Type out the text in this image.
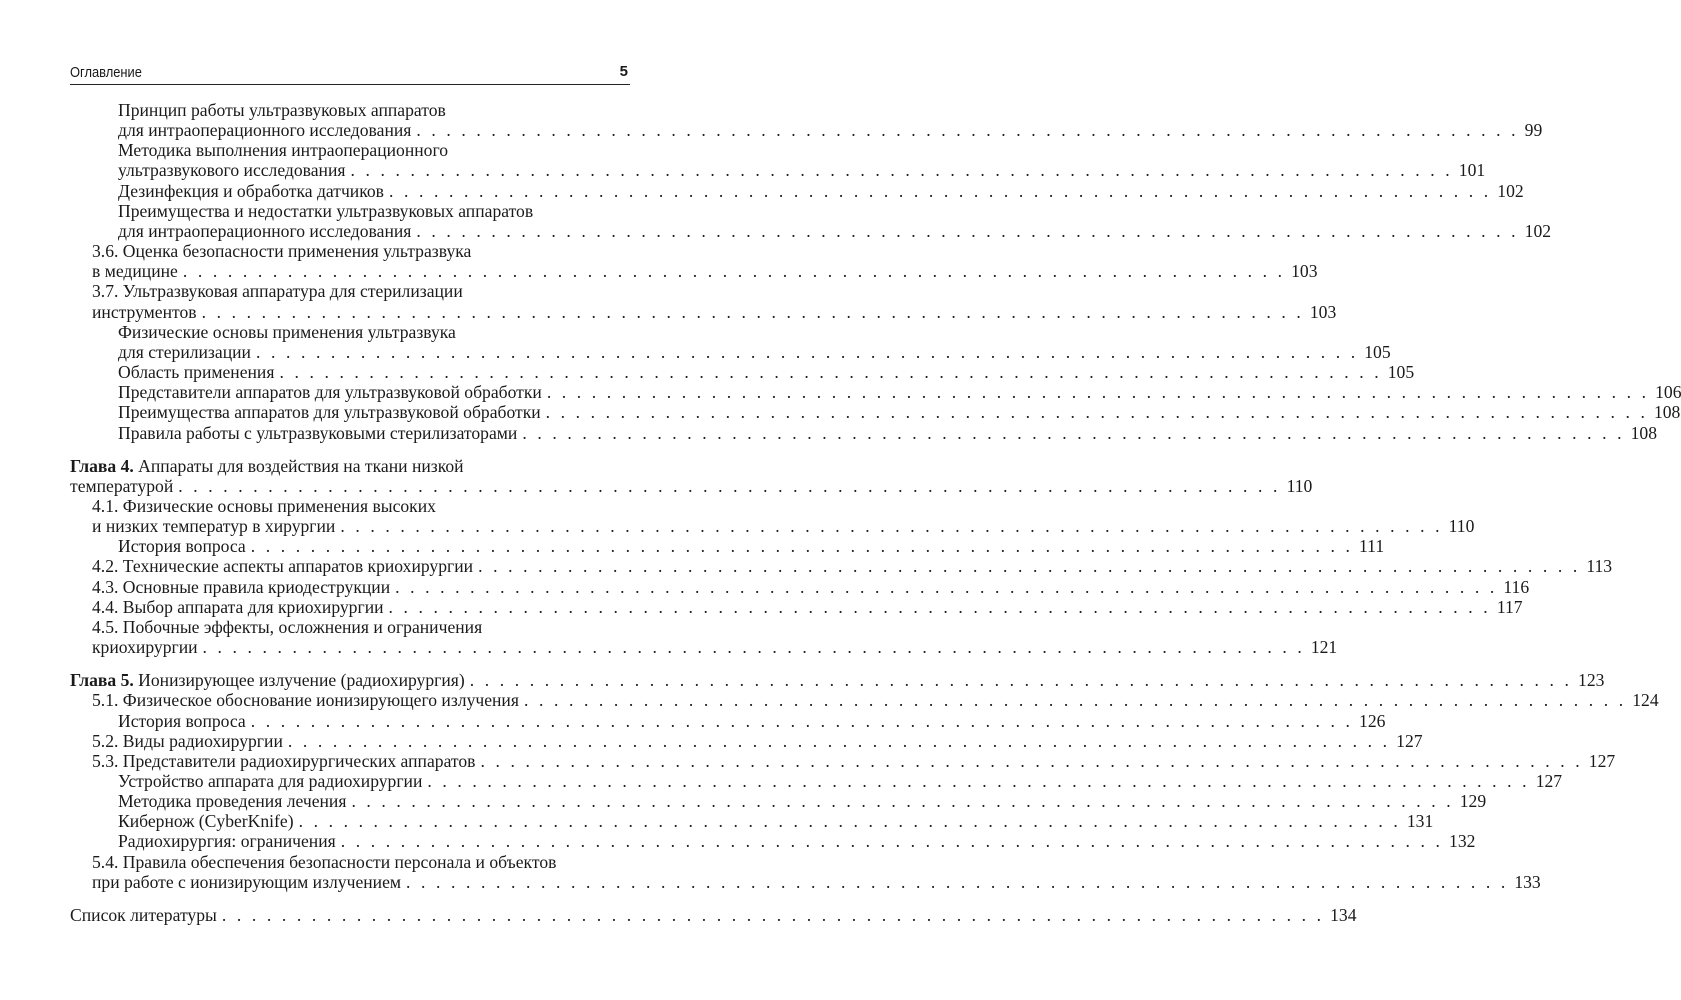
Оглавление	5
Принцип работы ультразвуковых аппаратов
для интраоперационного исследования . . . . . . . . . . . . . . . . . . . . . . . . . . . . . . . . . . . . . . . . . . . . . . . . . . . . . . . . . . . . . . . . . . . . . . . . . . 99
Методика выполнения интраоперационного
ультразвукового исследования . . . . . . . . . . . . . . . . . . . . . . . . . . . . . . . . . . . . . . . . . . . . . . . . . . . . . . . . . . . . . . . . . . . . . . . . . . 101
Дезинфекция и обработка датчиков . . . . . . . . . . . . . . . . . . . . . . . . . . . . . . . . . . . . . . . . . . . . . . . . . . . . . . . . . . . . . . . . . . . . . . . . . . 102
Преимущества и недостатки ультразвуковых аппаратов
для интраоперационного исследования . . . . . . . . . . . . . . . . . . . . . . . . . . . . . . . . . . . . . . . . . . . . . . . . . . . . . . . . . . . . . . . . . . . . . . . . . . 102
3.6. Оценка безопасности применения ультразвука
в медицине . . . . . . . . . . . . . . . . . . . . . . . . . . . . . . . . . . . . . . . . . . . . . . . . . . . . . . . . . . . . . . . . . . . . . . . . . . 103
3.7. Ультразвуковая аппаратура для стерилизации
инструментов . . . . . . . . . . . . . . . . . . . . . . . . . . . . . . . . . . . . . . . . . . . . . . . . . . . . . . . . . . . . . . . . . . . . . . . . . . 103
Физические основы применения ультразвука
для стерилизации . . . . . . . . . . . . . . . . . . . . . . . . . . . . . . . . . . . . . . . . . . . . . . . . . . . . . . . . . . . . . . . . . . . . . . . . . . 105
Область применения . . . . . . . . . . . . . . . . . . . . . . . . . . . . . . . . . . . . . . . . . . . . . . . . . . . . . . . . . . . . . . . . . . . . . . . . . . 105
Представители аппаратов для ультразвуковой обработки . . . . . . . . . . . . . . . . . . . . . . . . . . . . . . . . . . . . . . . . . . . . . . . . . . . . . . . . . . . . . . . . . . . . . . . . . . 106
Преимущества аппаратов для ультразвуковой обработки . . . . . . . . . . . . . . . . . . . . . . . . . . . . . . . . . . . . . . . . . . . . . . . . . . . . . . . . . . . . . . . . . . . . . . . . . . 108
Правила работы с ультразвуковыми стерилизаторами . . . . . . . . . . . . . . . . . . . . . . . . . . . . . . . . . . . . . . . . . . . . . . . . . . . . . . . . . . . . . . . . . . . . . . . . . . 108
Глава 4. Аппараты для воздействия на ткани низкой
температурой . . . . . . . . . . . . . . . . . . . . . . . . . . . . . . . . . . . . . . . . . . . . . . . . . . . . . . . . . . . . . . . . . . . . . . . . . . 110
4.1. Физические основы применения высоких
и низких температур в хирургии . . . . . . . . . . . . . . . . . . . . . . . . . . . . . . . . . . . . . . . . . . . . . . . . . . . . . . . . . . . . . . . . . . . . . . . . . . 110
История вопроса . . . . . . . . . . . . . . . . . . . . . . . . . . . . . . . . . . . . . . . . . . . . . . . . . . . . . . . . . . . . . . . . . . . . . . . . . . 111
4.2. Технические аспекты аппаратов криохирургии . . . . . . . . . . . . . . . . . . . . . . . . . . . . . . . . . . . . . . . . . . . . . . . . . . . . . . . . . . . . . . . . . . . . . . . . . . 113
4.3. Основные правила криодеструкции . . . . . . . . . . . . . . . . . . . . . . . . . . . . . . . . . . . . . . . . . . . . . . . . . . . . . . . . . . . . . . . . . . . . . . . . . . 116
4.4. Выбор аппарата для криохирургии . . . . . . . . . . . . . . . . . . . . . . . . . . . . . . . . . . . . . . . . . . . . . . . . . . . . . . . . . . . . . . . . . . . . . . . . . . 117
4.5. Побочные эффекты, осложнения и ограничения
криохирургии . . . . . . . . . . . . . . . . . . . . . . . . . . . . . . . . . . . . . . . . . . . . . . . . . . . . . . . . . . . . . . . . . . . . . . . . . . 121
Глава 5. Ионизирующее излучение (радиохирургия) . . . . . . . . . . . . . . . . . . . . . . . . . . . . . . . . . . . . . . . . . . . . . . . . . . . . . . . . . . . . . . . . . . . . . . . . . . 123
5.1. Физическое обоснование ионизирующего излучения . . . . . . . . . . . . . . . . . . . . . . . . . . . . . . . . . . . . . . . . . . . . . . . . . . . . . . . . . . . . . . . . . . . . . . . . . . 124
История вопроса . . . . . . . . . . . . . . . . . . . . . . . . . . . . . . . . . . . . . . . . . . . . . . . . . . . . . . . . . . . . . . . . . . . . . . . . . . 126
5.2. Виды радиохирургии . . . . . . . . . . . . . . . . . . . . . . . . . . . . . . . . . . . . . . . . . . . . . . . . . . . . . . . . . . . . . . . . . . . . . . . . . . 127
5.3. Представители радиохирургических аппаратов . . . . . . . . . . . . . . . . . . . . . . . . . . . . . . . . . . . . . . . . . . . . . . . . . . . . . . . . . . . . . . . . . . . . . . . . . . 127
Устройство аппарата для радиохирургии . . . . . . . . . . . . . . . . . . . . . . . . . . . . . . . . . . . . . . . . . . . . . . . . . . . . . . . . . . . . . . . . . . . . . . . . . . 127
Методика проведения лечения . . . . . . . . . . . . . . . . . . . . . . . . . . . . . . . . . . . . . . . . . . . . . . . . . . . . . . . . . . . . . . . . . . . . . . . . . . 129
Кибернож (CyberKnife) . . . . . . . . . . . . . . . . . . . . . . . . . . . . . . . . . . . . . . . . . . . . . . . . . . . . . . . . . . . . . . . . . . . . . . . . . . 131
Радиохирургия: ограничения . . . . . . . . . . . . . . . . . . . . . . . . . . . . . . . . . . . . . . . . . . . . . . . . . . . . . . . . . . . . . . . . . . . . . . . . . . 132
5.4. Правила обеспечения безопасности персонала и объектов
при работе с ионизирующим излучением . . . . . . . . . . . . . . . . . . . . . . . . . . . . . . . . . . . . . . . . . . . . . . . . . . . . . . . . . . . . . . . . . . . . . . . . . . 133
Список литературы . . . . . . . . . . . . . . . . . . . . . . . . . . . . . . . . . . . . . . . . . . . . . . . . . . . . . . . . . . . . . . . . . . . . . . . . . . 134
